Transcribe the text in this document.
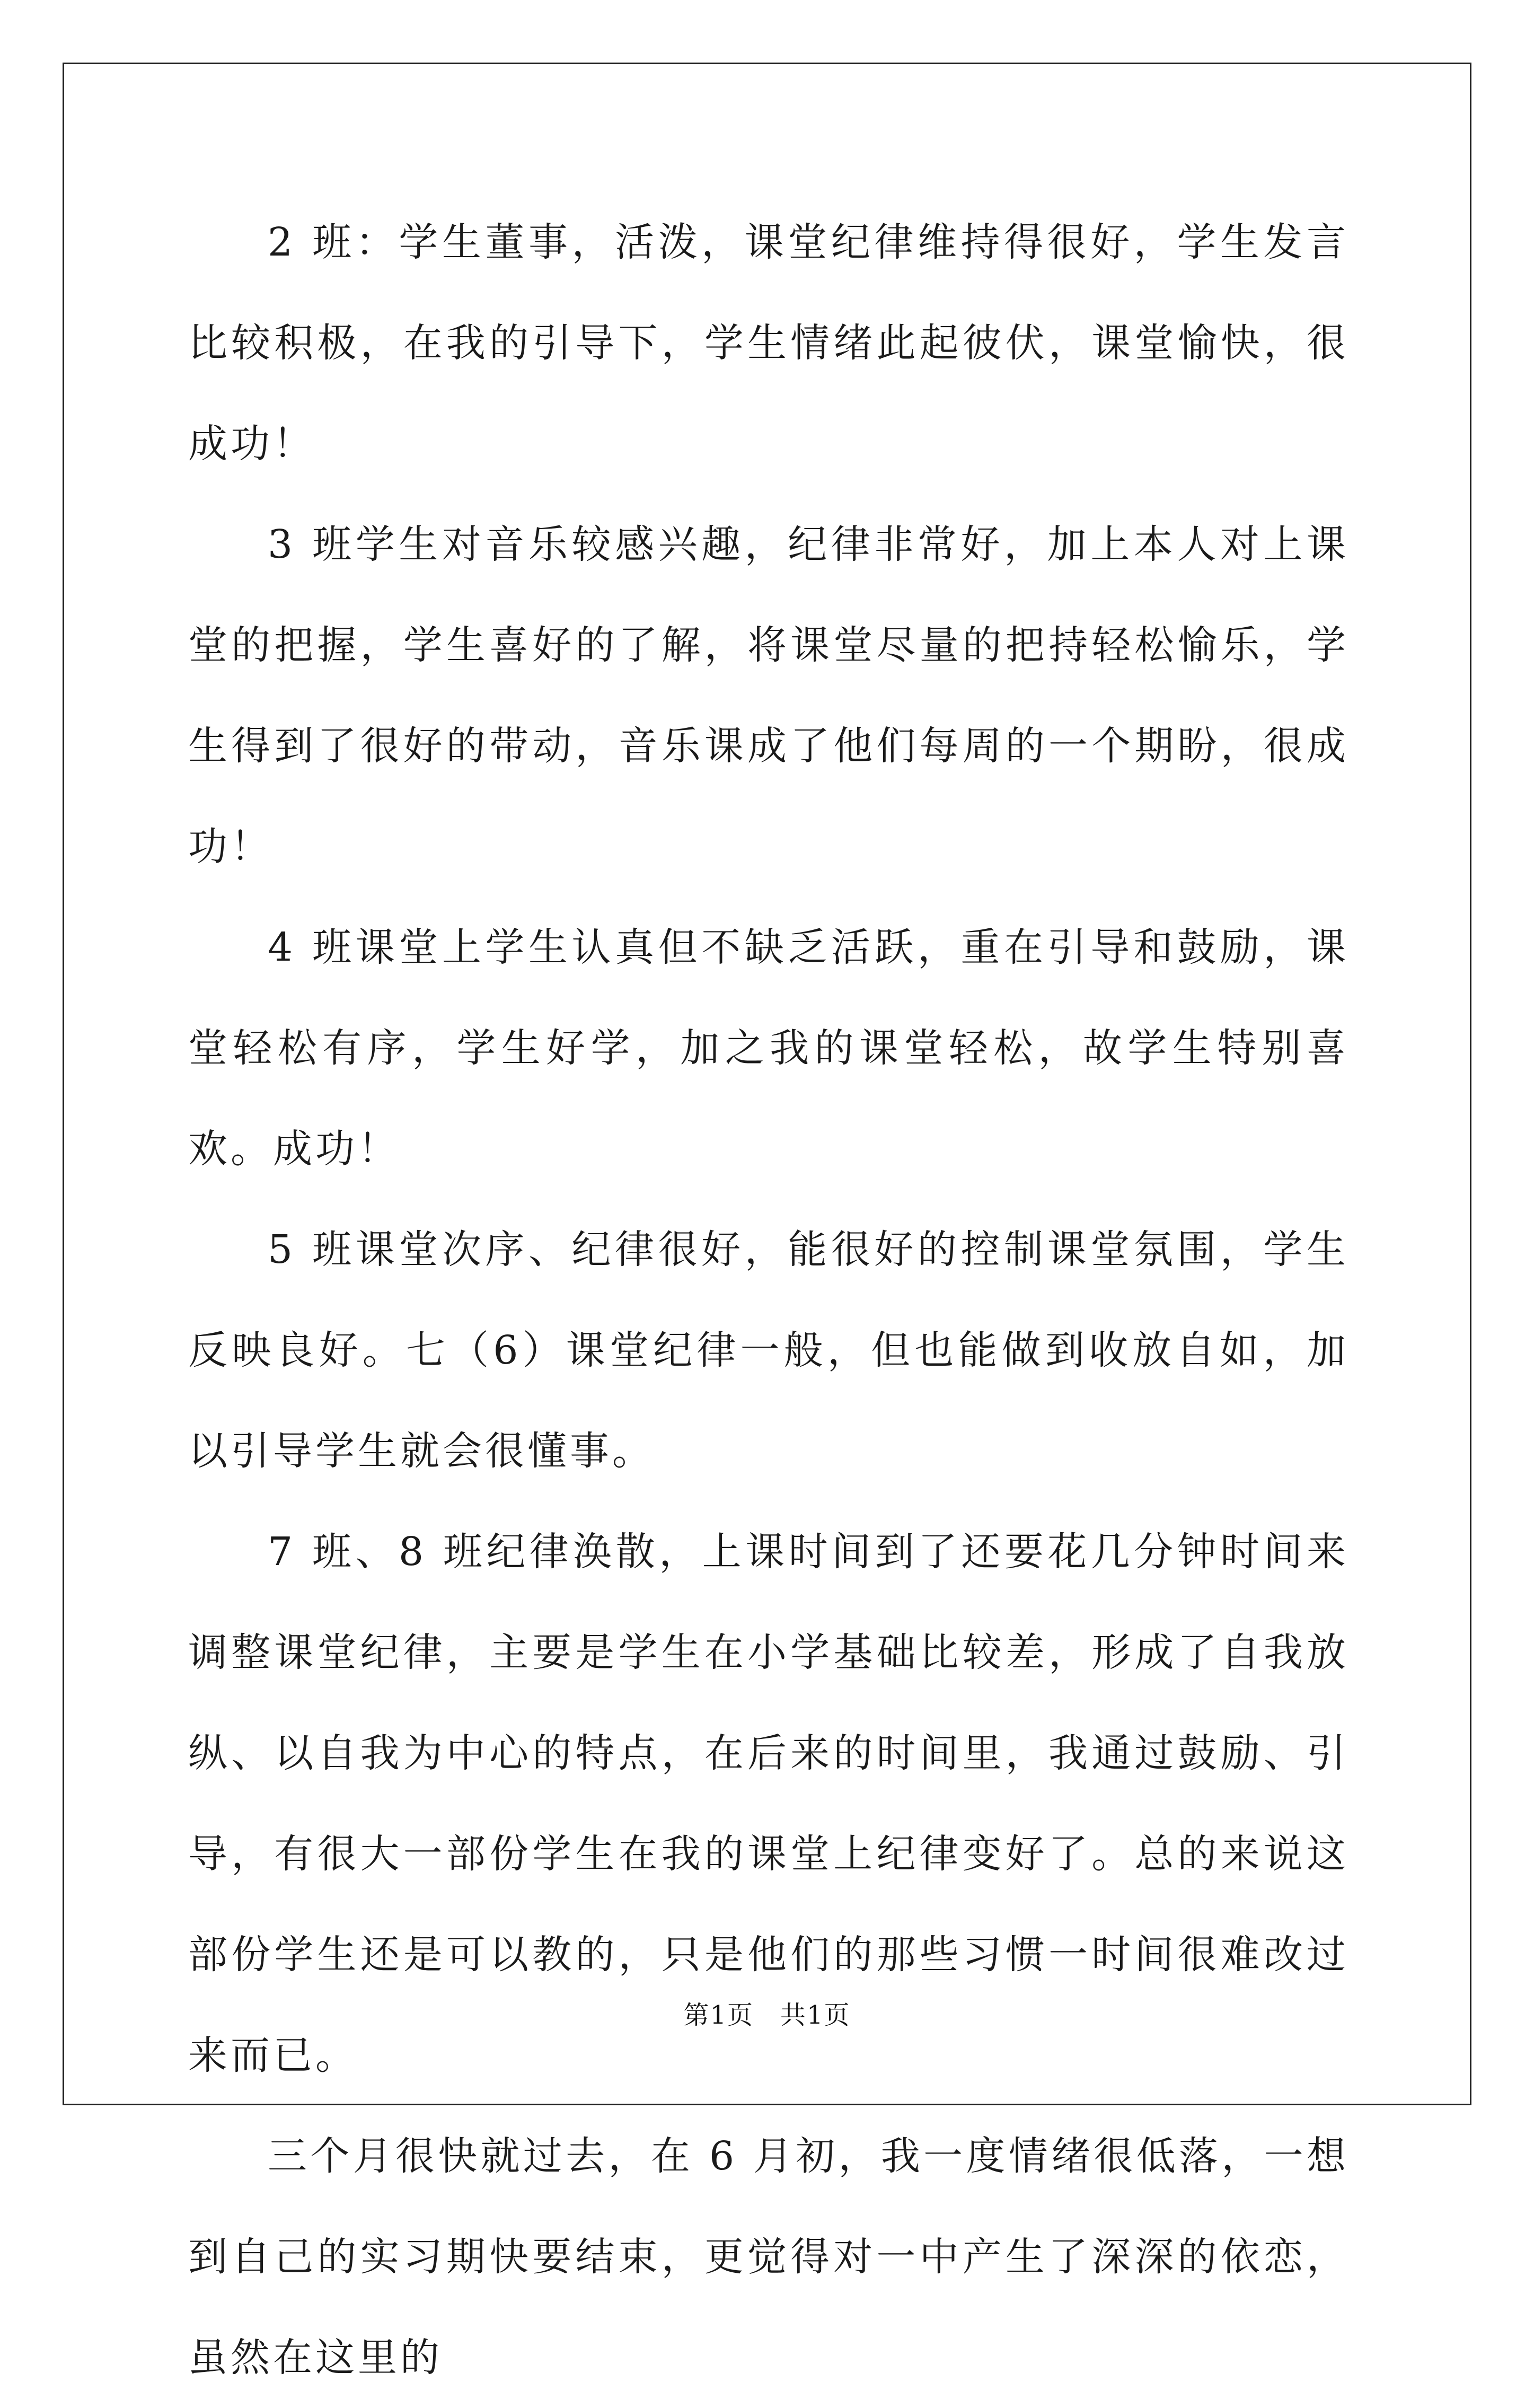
2 班：学生董事，活泼，课堂纪律维持得很好，学生发言比较积极，在我的引导下，学生情绪此起彼伏，课堂愉快，很成功！

3 班学生对音乐较感兴趣，纪律非常好，加上本人对上课堂的把握，学生喜好的了解，将课堂尽量的把持轻松愉乐，学生得到了很好的带动，音乐课成了他们每周的一个期盼，很成功！

4 班课堂上学生认真但不缺乏活跃，重在引导和鼓励，课堂轻松有序，学生好学，加之我的课堂轻松，故学生特别喜欢。成功！

5 班课堂次序、纪律很好，能很好的控制课堂氛围，学生反映良好。七（6）课堂纪律一般，但也能做到收放自如，加以引导学生就会很懂事。

7 班、8 班纪律涣散，上课时间到了还要花几分钟时间来调整课堂纪律，主要是学生在小学基础比较差，形成了自我放纵、以自我为中心的特点，在后来的时间里，我通过鼓励、引导，有很大一部份学生在我的课堂上纪律变好了。总的来说这部份学生还是可以教的，只是他们的那些习惯一时间很难改过来而已。

三个月很快就过去，在 6 月初，我一度情绪很低落，一想到自己的实习期快要结束，更觉得对一中产生了深深的依恋，虽然在这里的

第1页　共1页
